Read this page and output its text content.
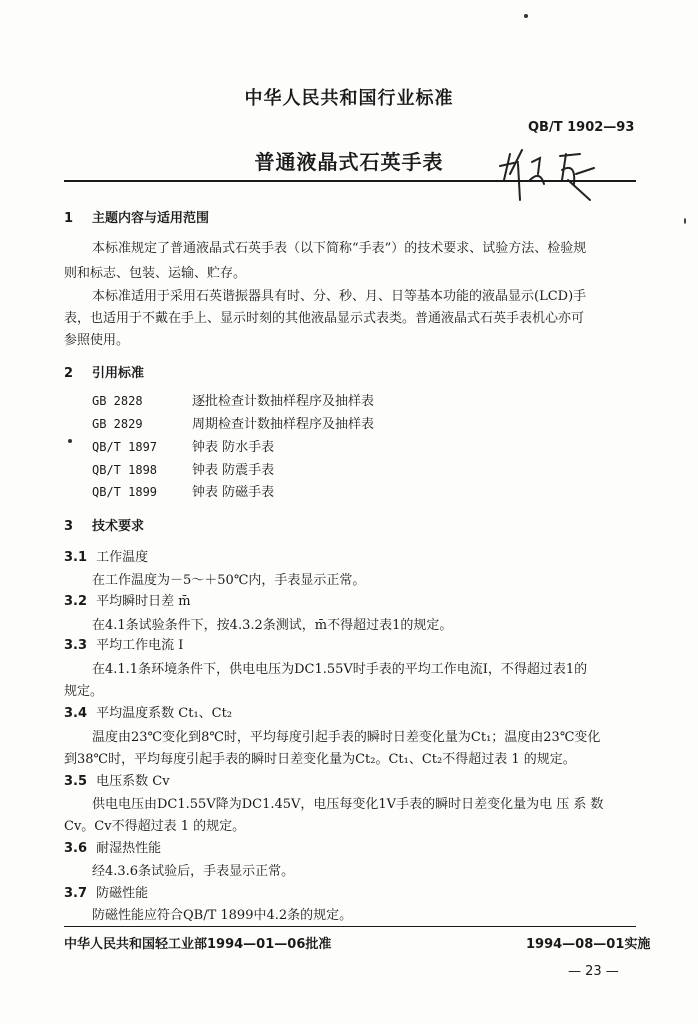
中华人民共和国行业标准
QB/T 1902—93
普通液晶式石英手表
1 主题内容与适用范围
本标准规定了普通液晶式石英手表（以下简称“手表”）的技术要求、试验方法、检验规
则和标志、包装、运输、贮存。
本标准适用于采用石英谐振器具有时、分、秒、月、日等基本功能的液晶显示(LCD)手
表，也适用于不戴在手上、显示时刻的其他液晶显示式表类。普通液晶式石英手表机心亦可
参照使用。
2 引用标准
GB 2828	逐批检查计数抽样程序及抽样表
GB 2829	周期检查计数抽样程序及抽样表
QB/T 1897	钟表 防水手表
QB/T 1898	钟表 防震手表
QB/T 1899	钟表 防磁手表
3 技术要求
3.1 工作温度
在工作温度为－5～＋50℃内，手表显示正常。
3.2 平均瞬时日差 m̄
在4.1条试验条件下，按4.3.2条测试，m̄不得超过表1的规定。
3.3 平均工作电流 I
在4.1.1条环境条件下，供电电压为DC1.55V时手表的平均工作电流I，不得超过表1的
规定。
3.4 平均温度系数 Ct₁、Ct₂
温度由23℃变化到8℃时，平均每度引起手表的瞬时日差变化量为Ct₁；温度由23℃变化
到38℃时，平均每度引起手表的瞬时日差变化量为Ct₂。Ct₁、Ct₂不得超过表 1 的规定。
3.5 电压系数 Cv
供电电压由DC1.55V降为DC1.45V，电压每变化1V手表的瞬时日差变化量为电 压 系 数
Cv。Cv不得超过表 1 的规定。
3.6 耐湿热性能
经4.3.6条试验后，手表显示正常。
3.7 防磁性能
防磁性能应符合QB/T 1899中4.2条的规定。
中华人民共和国轻工业部1994—01—06批准	1994—08—01实施
— 23 —
